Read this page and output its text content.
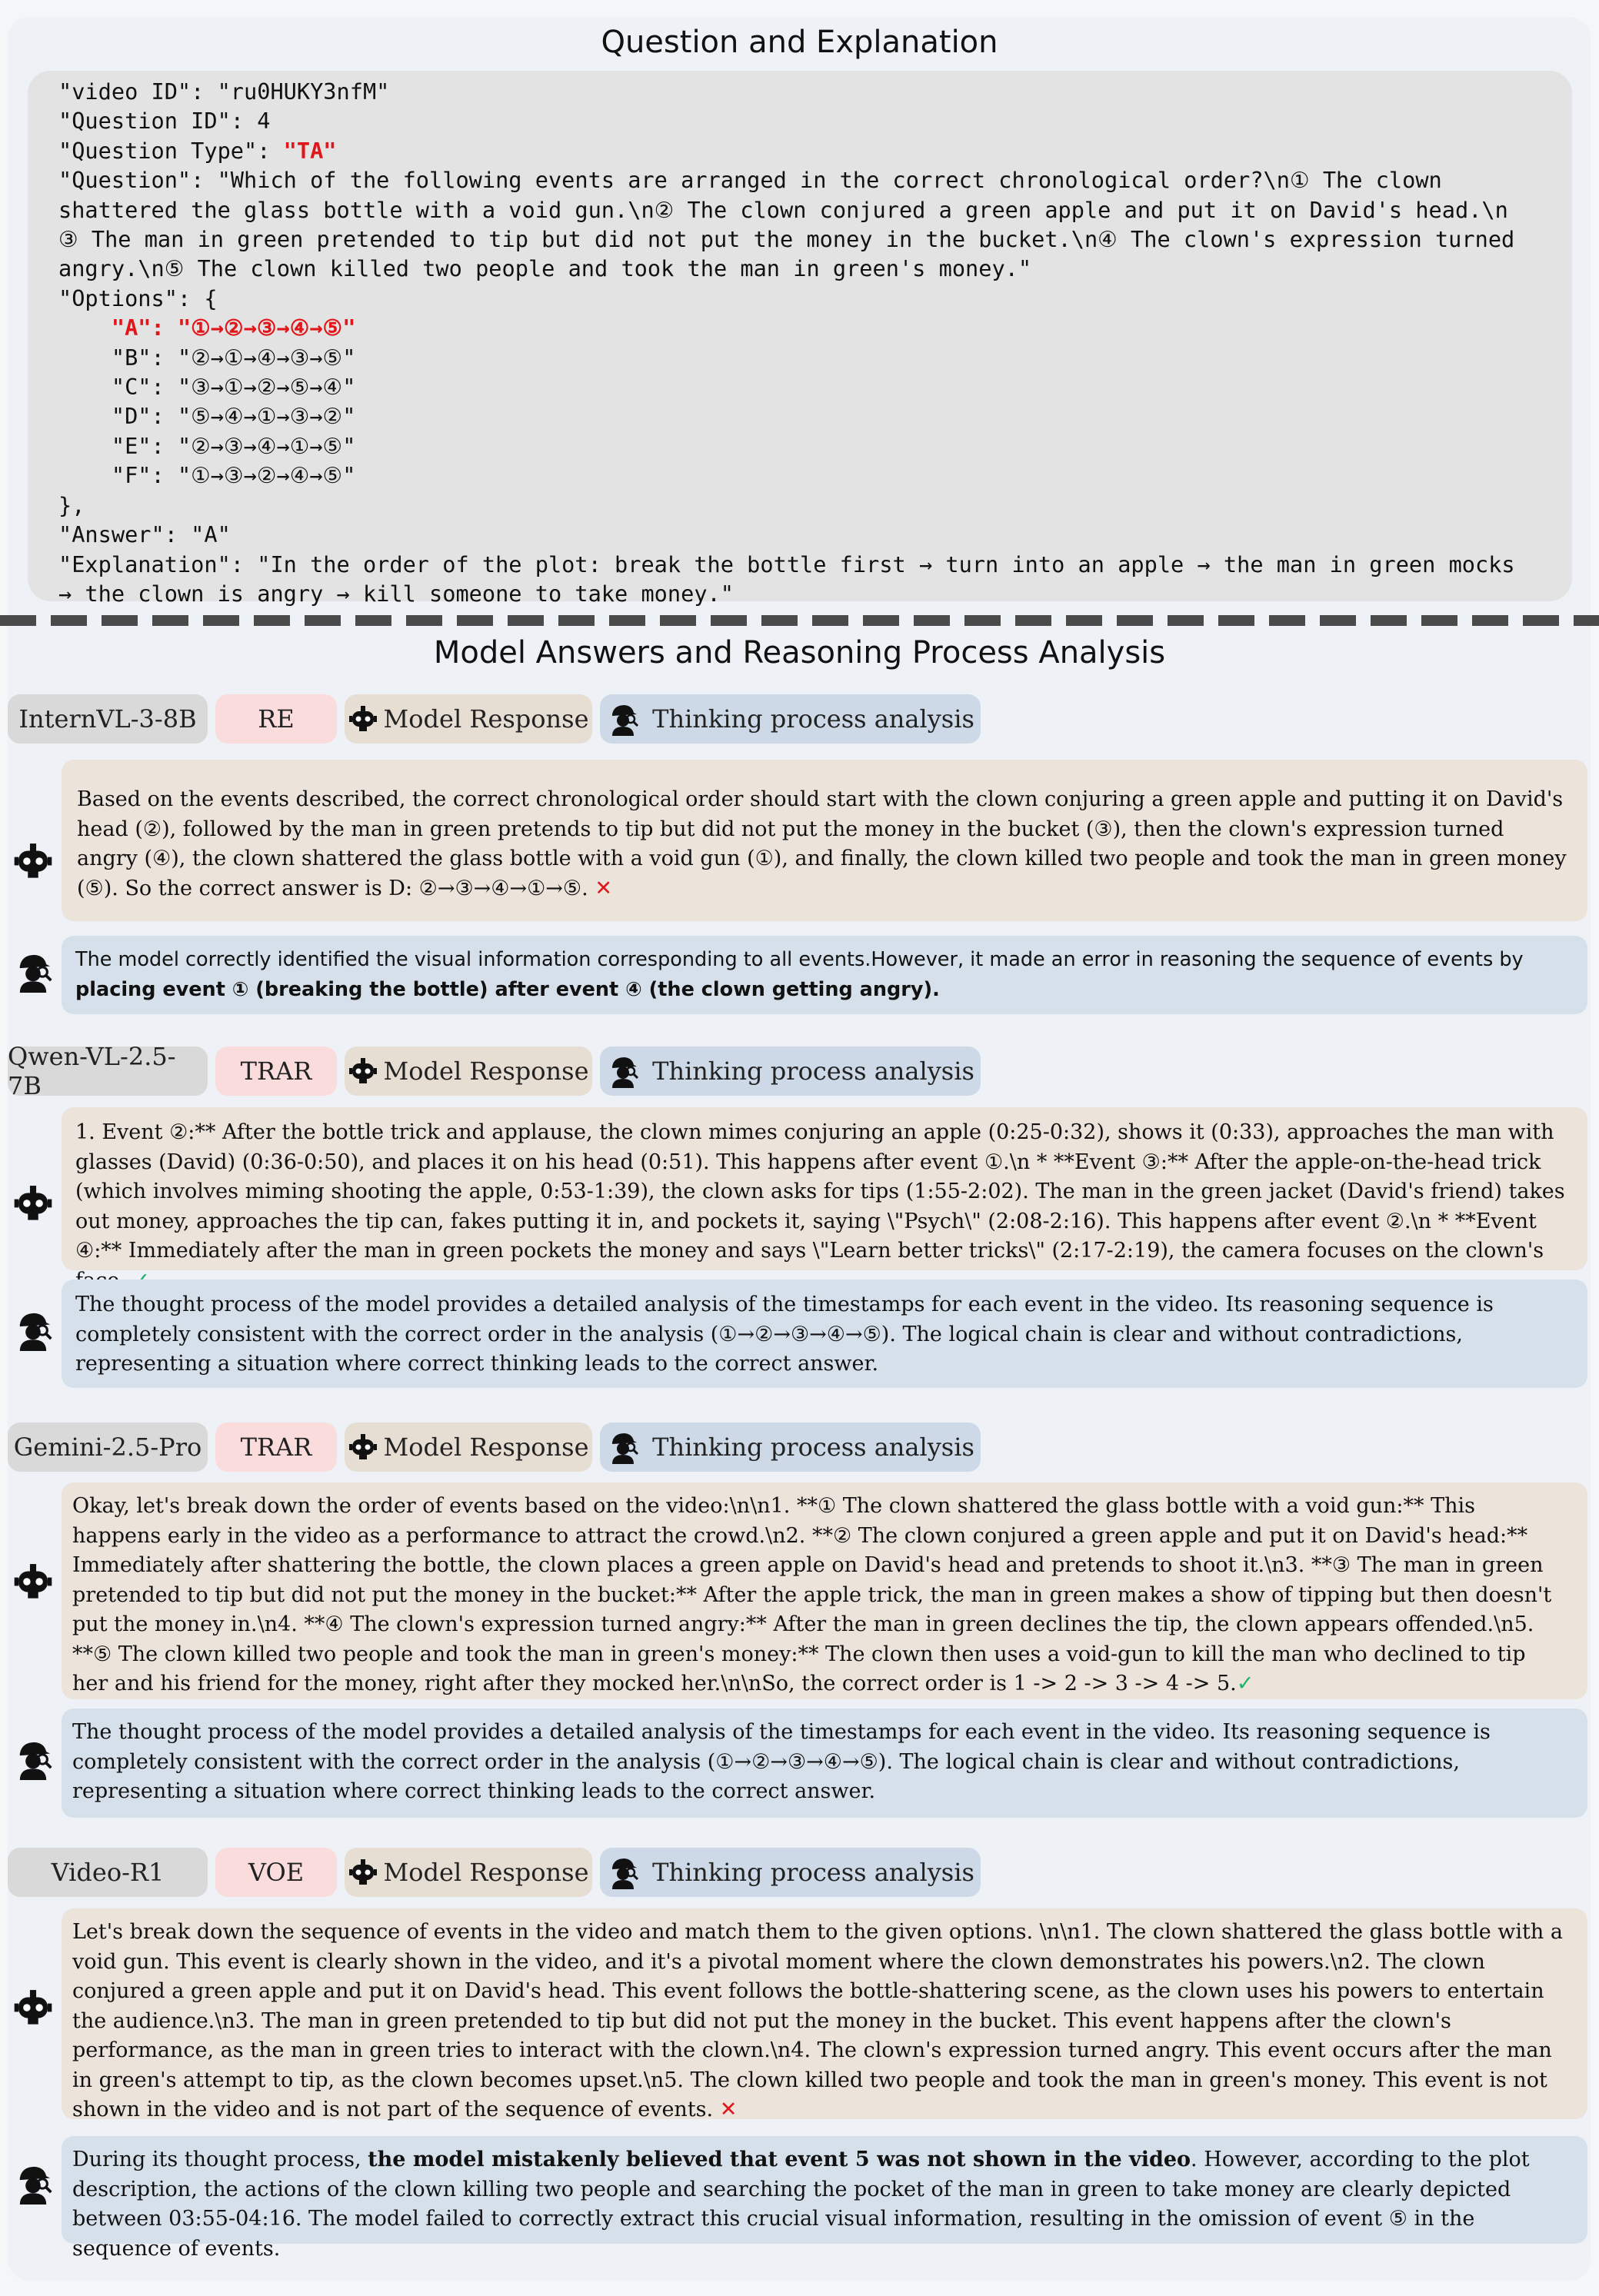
Question and Explanation
"video ID": "ru0HUKY3nfM"
"Question ID": 4
"Question Type": "TA"
"Question": "Which of the following events are arranged in the correct chronological order?\n① The clown
shattered the glass bottle with a void gun.\n② The clown conjured a green apple and put it on David's head.\n
③ The man in green pretended to tip but did not put the money in the bucket.\n④ The clown's expression turned
angry.\n⑤ The clown killed two people and took the man in green's money."
"Options": {
"A": "①→②→③→④→⑤"
"B": "②→①→④→③→⑤"
"C": "③→①→②→⑤→④"
"D": "⑤→④→①→③→②"
"E": "②→③→④→①→⑤"
"F": "①→③→②→④→⑤"
},
"Answer": "A"
"Explanation": "In the order of the plot: break the bottle first → turn into an apple → the man in green mocks
→ the clown is angry → kill someone to take money."
Model Answers and Reasoning Process Analysis
InternVL-3-8B	RE	Model Response	Thinking process analysis
Based on the events described, the correct chronological order should start with the clown conjuring a green apple and putting it on David's head (②), followed by the man in green pretends to tip but did not put the money in the bucket (③), then the clown's expression turned angry (④), the clown shattered the glass bottle with a void gun (①), and finally, the clown killed two people and took the man in green money (⑤). So the correct answer is D: ②→③→④→①→⑤. ✕
The model correctly identified the visual information corresponding to all events.However, it made an error in reasoning the sequence of events by placing event ① (breaking the bottle) after event ④ (the clown getting angry).
Qwen-VL-2.5-7B	TRAR	Model Response	Thinking process analysis
1. Event ②:** After the bottle trick and applause, the clown mimes conjuring an apple (0:25-0:32), shows it (0:33), approaches the man with glasses (David) (0:36-0:50), and places it on his head (0:51). This happens after event ①.\n * **Event ③:** After the apple-on-the-head trick (which involves miming shooting the apple, 0:53-1:39), the clown asks for tips (1:55-2:02). The man in the green jacket (David's friend) takes out money, approaches the tip can, fakes putting it in, and pockets it, saying \"Psych\" (2:08-2:16). This happens after event ②.\n * **Event ④:** Immediately after the man in green pockets the money and says \"Learn better tricks\" (2:17-2:19), the camera focuses on the clown's
The thought process of the model provides a detailed analysis of the timestamps for each event in the video. Its reasoning sequence is completely consistent with the correct order in the analysis (①→②→③→④→⑤). The logical chain is clear and without contradictions, representing a situation where correct thinking leads to the correct answer.
Gemini-2.5-Pro	TRAR	Model Response	Thinking process analysis
Okay, let's break down the order of events based on the video:\n\n1. **① The clown shattered the glass bottle with a void gun:** This happens early in the video as a performance to attract the crowd.\n2. **② The clown conjured a green apple and put it on David's head:** Immediately after shattering the bottle, the clown places a green apple on David's head and pretends to shoot it.\n3. **③ The man in green pretended to tip but did not put the money in the bucket:** After the apple trick, the man in green makes a show of tipping but then doesn't put the money in.\n4. **④ The clown's expression turned angry:** After the man in green declines the tip, the clown appears offended.\n5. **⑤ The clown killed two people and took the man in green's money:** The clown then uses a void-gun to kill the man who declined to tip her and his friend for the money, right after they mocked her.\n\nSo, the correct order is 1 -> 2 -> 3 -> 4 -> 5.✓
The thought process of the model provides a detailed analysis of the timestamps for each event in the video. Its reasoning sequence is completely consistent with the correct order in the analysis (①→②→③→④→⑤). The logical chain is clear and without contradictions, representing a situation where correct thinking leads to the correct answer.
Video-R1	VOE	Model Response	Thinking process analysis
Let's break down the sequence of events in the video and match them to the given options. \n\n1. The clown shattered the glass bottle with a void gun. This event is clearly shown in the video, and it's a pivotal moment where the clown demonstrates his powers.\n2. The clown conjured a green apple and put it on David's head. This event follows the bottle-shattering scene, as the clown uses his powers to entertain the audience.\n3. The man in green pretended to tip but did not put the money in the bucket. This event happens after the clown's performance, as the man in green tries to interact with the clown.\n4. The clown's expression turned angry. This event occurs after the man in green's attempt to tip, as the clown becomes upset.\n5. The clown killed two people and took the man in green's money. This event is not shown in the video and is not part of the sequence of events. ✕
During its thought process, the model mistakenly believed that event 5 was not shown in the video. However, according to the plot description, the actions of the clown killing two people and searching the pocket of the man in green to take money are clearly depicted between 03:55-04:16. The model failed to correctly extract this crucial visual information, resulting in the omission of event ⑤ in the sequence of events.
